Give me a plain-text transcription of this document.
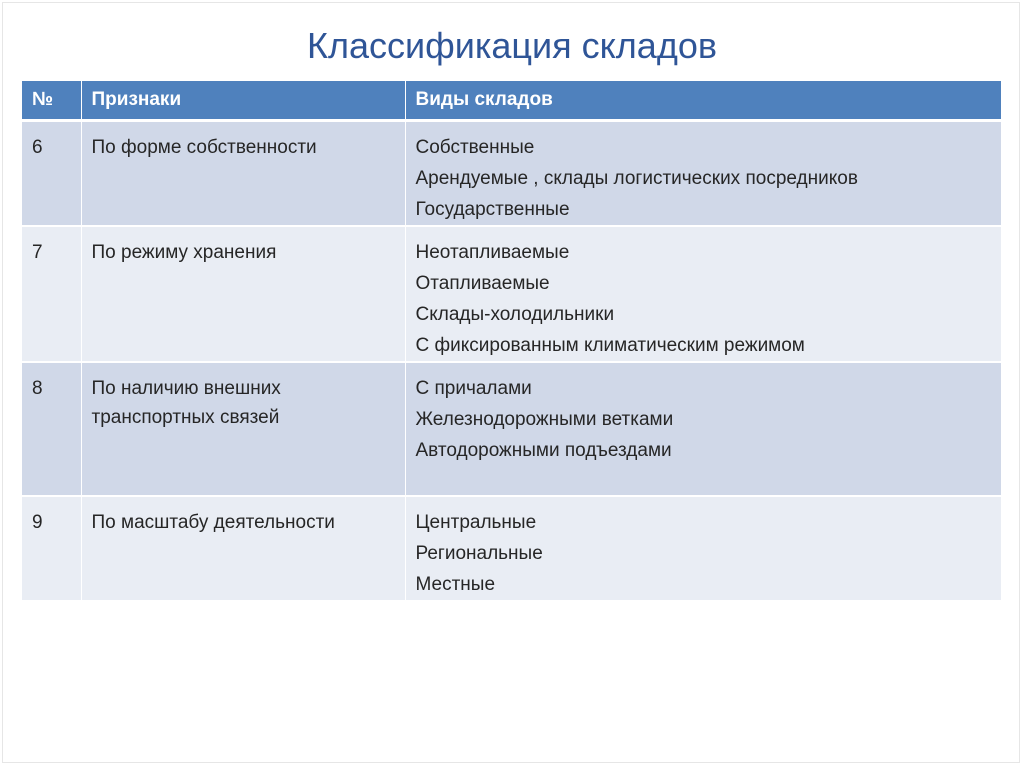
Классификация складов
№	Признаки	Виды складов
6	По форме собственности	Собственные
Арендуемые , склады логистических посредников
Государственные

7	По режиму хранения	Неотапливаемые
Отапливаемые
Склады-холодильники
С фиксированным климатическим режимом

8	По наличию внешних транспортных связей	С причалами
Железнодорожными ветками
Автодорожными подъездами

9	По масштабу деятельности	Центральные
Региональные
Местные
